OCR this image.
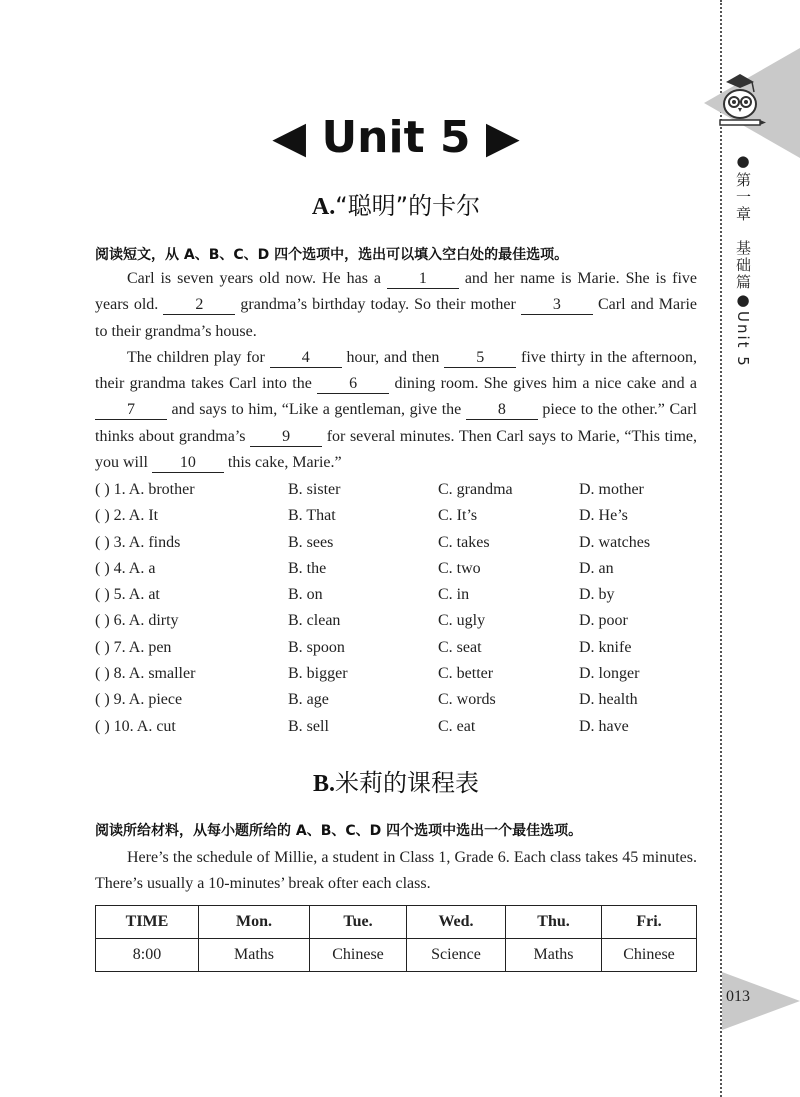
●第一章　基础篇●Unit 5
013
◀ Unit 5 ▶
A.“聪明”的卡尔
阅读短文，从 A、B、C、D 四个选项中，选出可以填入空白处的最佳选项。

Carl is seven years old now. He has a 1 and her name is Marie. She is five years old. 2 grandma’s birthday today. So their mother 3 Carl and Marie to their grandma’s house.

The children play for 4 hour, and then 5 five thirty in the afternoon, their grandma takes Carl into the 6 dining room. She gives him a nice cake and a 7 and says to him, “Like a gentleman, give the 8 piece to the other.” Carl thinks about grandma’s 9 for several minutes. Then Carl says to Marie, “This time, you will 10 this cake, Marie.”

( ) 1. A. brother	B. sister	C. grandma	D. mother
( ) 2. A. It	B. That	C. It’s	D. He’s
( ) 3. A. finds	B. sees	C. takes	D. watches
( ) 4. A. a	B. the	C. two	D. an
( ) 5. A. at	B. on	C. in	D. by
( ) 6. A. dirty	B. clean	C. ugly	D. poor
( ) 7. A. pen	B. spoon	C. seat	D. knife
( ) 8. A. smaller	B. bigger	C. better	D. longer
( ) 9. A. piece	B. age	C. words	D. health
( ) 10. A. cut	B. sell	C. eat	D. have
B.米莉的课程表
阅读所给材料，从每小题所给的 A、B、C、D 四个选项中选出一个最佳选项。

Here’s the schedule of Millie, a student in Class 1, Grade 6. Each class takes 45 minutes. There’s usually a 10-minutes’ break ofter each class.

TIME	Mon.	Tue.	Wed.	Thu.	Fri.
8:00	Maths	Chinese	Science	Maths	Chinese
